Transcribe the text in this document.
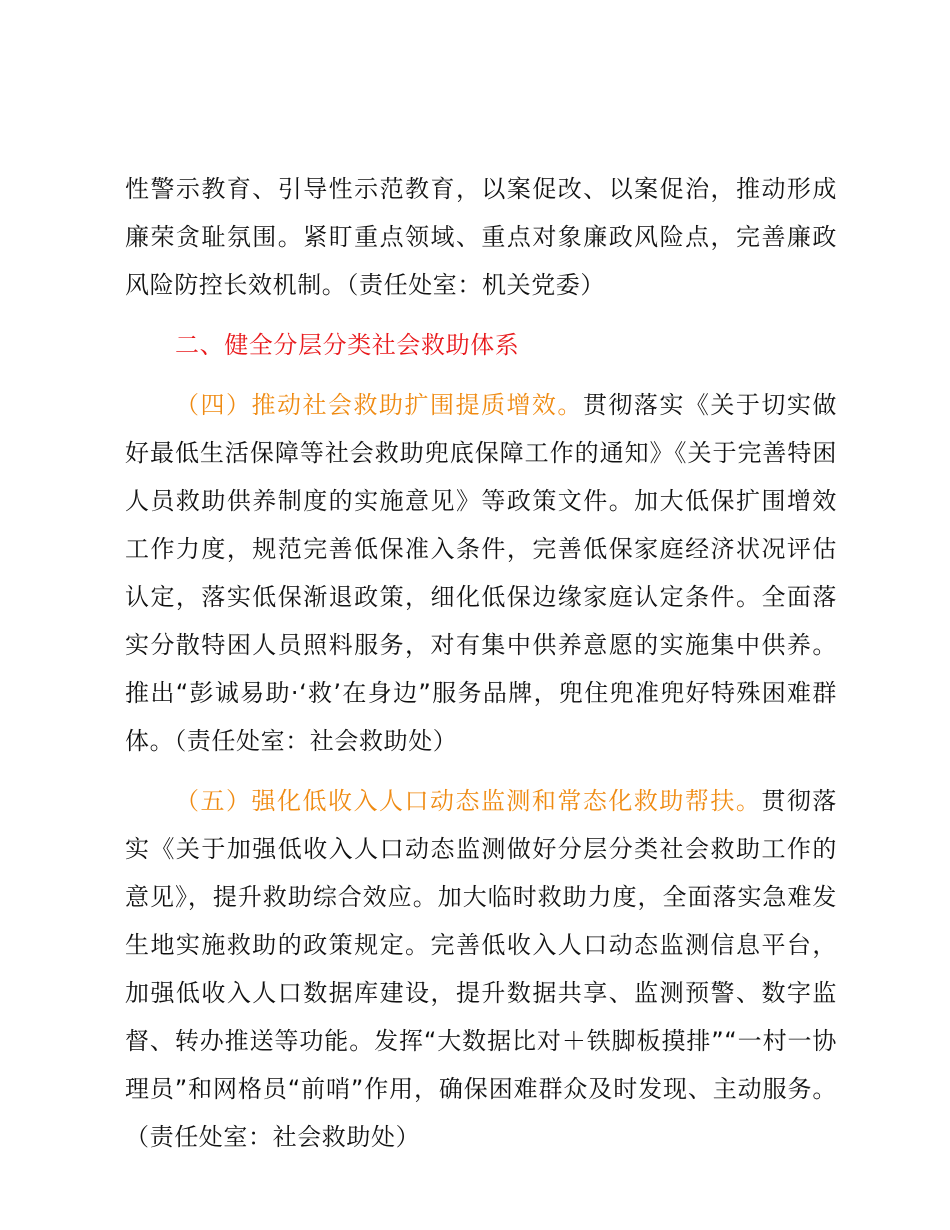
性警示教育、引导性示范教育，以案促改、以案促治，推动形成廉荣贪耻氛围。紧盯重点领域、重点对象廉政风险点，完善廉政风险防控长效机制。（责任处室：机关党委）

二、健全分层分类社会救助体系

（四）推动社会救助扩围提质增效。贯彻落实《关于切实做好最低生活保障等社会救助兜底保障工作的通知》《关于完善特困人员救助供养制度的实施意见》等政策文件。加大低保扩围增效工作力度，规范完善低保准入条件，完善低保家庭经济状况评估认定，落实低保渐退政策，细化低保边缘家庭认定条件。全面落实分散特困人员照料服务，对有集中供养意愿的实施集中供养。推出“彭诚易助·‘救’在身边”服务品牌，兜住兜准兜好特殊困难群体。（责任处室：社会救助处）

（五）强化低收入人口动态监测和常态化救助帮扶。贯彻落实《关于加强低收入人口动态监测做好分层分类社会救助工作的意见》，提升救助综合效应。加大临时救助力度，全面落实急难发生地实施救助的政策规定。完善低收入人口动态监测信息平台，加强低收入人口数据库建设，提升数据共享、监测预警、数字监督、转办推送等功能。发挥“大数据比对＋铁脚板摸排”“一村一协理员”和网格员“前哨”作用，确保困难群众及时发现、主动服务。（责任处室：社会救助处）
